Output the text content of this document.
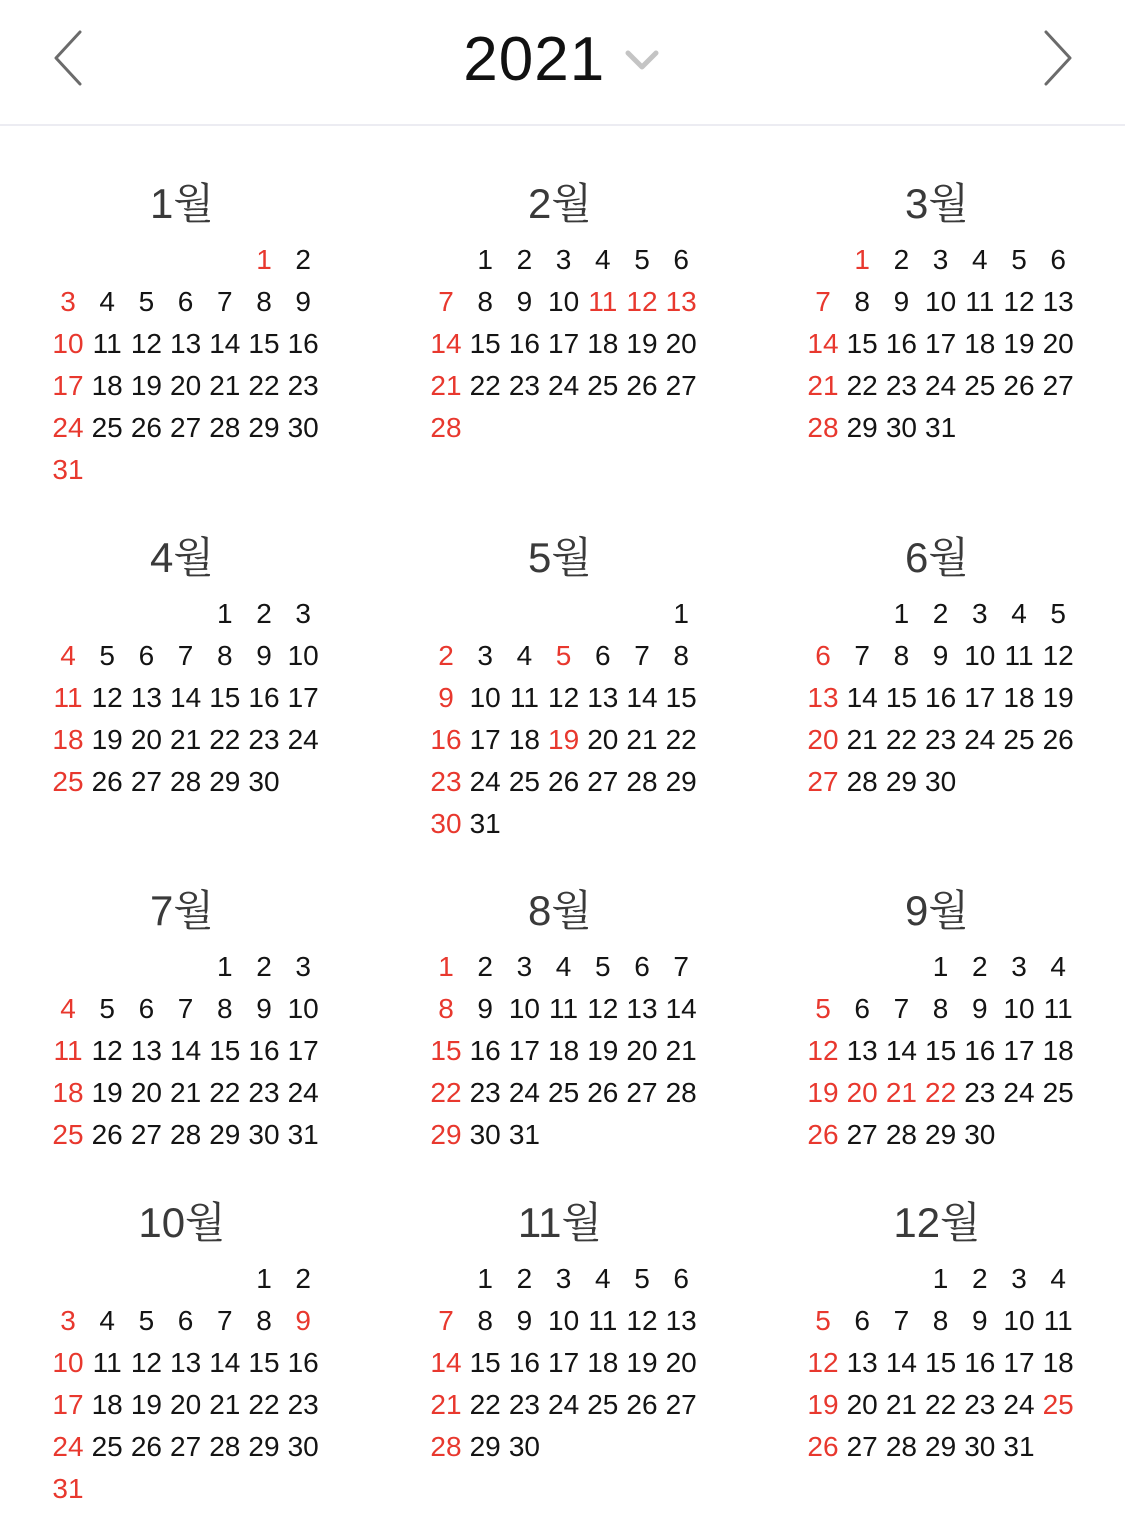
2021
1월
1 2
3 4 5 6 7 8 9
10 11 12 13 14 15 16
17 18 19 20 21 22 23
24 25 26 27 28 29 30
31
2월
1 2 3 4 5 6
7 8 9 10 11 12 13
14 15 16 17 18 19 20
21 22 23 24 25 26 27
28
3월
1 2 3 4 5 6
7 8 9 10 11 12 13
14 15 16 17 18 19 20
21 22 23 24 25 26 27
28 29 30 31
4월
1 2 3
4 5 6 7 8 9 10
11 12 13 14 15 16 17
18 19 20 21 22 23 24
25 26 27 28 29 30
5월
1
2 3 4 5 6 7 8
9 10 11 12 13 14 15
16 17 18 19 20 21 22
23 24 25 26 27 28 29
30 31
6월
1 2 3 4 5
6 7 8 9 10 11 12
13 14 15 16 17 18 19
20 21 22 23 24 25 26
27 28 29 30
7월
1 2 3
4 5 6 7 8 9 10
11 12 13 14 15 16 17
18 19 20 21 22 23 24
25 26 27 28 29 30 31
8월
1 2 3 4 5 6 7
8 9 10 11 12 13 14
15 16 17 18 19 20 21
22 23 24 25 26 27 28
29 30 31
9월
1 2 3 4
5 6 7 8 9 10 11
12 13 14 15 16 17 18
19 20 21 22 23 24 25
26 27 28 29 30
10월
1 2
3 4 5 6 7 8 9
10 11 12 13 14 15 16
17 18 19 20 21 22 23
24 25 26 27 28 29 30
31
11월
1 2 3 4 5 6
7 8 9 10 11 12 13
14 15 16 17 18 19 20
21 22 23 24 25 26 27
28 29 30
12월
1 2 3 4
5 6 7 8 9 10 11
12 13 14 15 16 17 18
19 20 21 22 23 24 25
26 27 28 29 30 31
